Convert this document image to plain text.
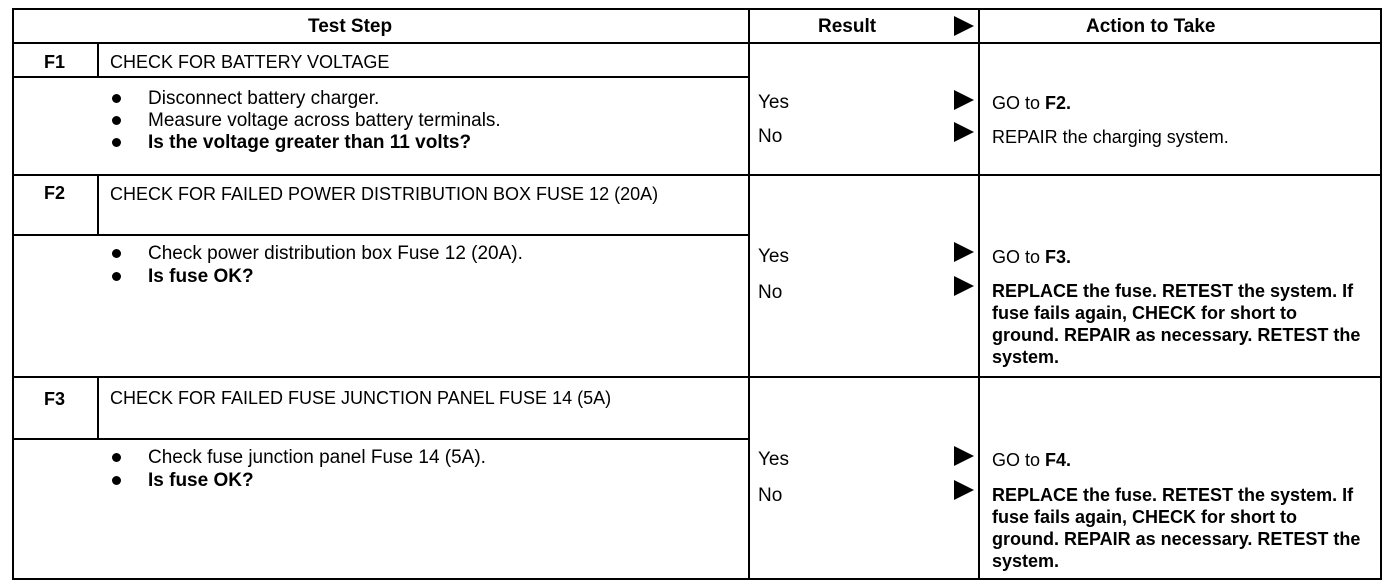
Test Step	Result	Action to Take
F1 CHECK FOR BATTERY VOLTAGE
Disconnect battery charger.
Measure voltage across battery terminals.
Is the voltage greater than 11 volts?
Yes	GO to F2.
No	REPAIR the charging system.
F2 CHECK FOR FAILED POWER DISTRIBUTION BOX FUSE 12 (20A)
Check power distribution box Fuse 12 (20A).
Is fuse OK?
Yes	GO to F3.
No	REPLACE the fuse. RETEST the system. If fuse fails again, CHECK for short to ground. REPAIR as necessary. RETEST the system.
F3 CHECK FOR FAILED FUSE JUNCTION PANEL FUSE 14 (5A)
Check fuse junction panel Fuse 14 (5A).
Is fuse OK?
Yes	GO to F4.
No	REPLACE the fuse. RETEST the system. If fuse fails again, CHECK for short to ground. REPAIR as necessary. RETEST the system.
